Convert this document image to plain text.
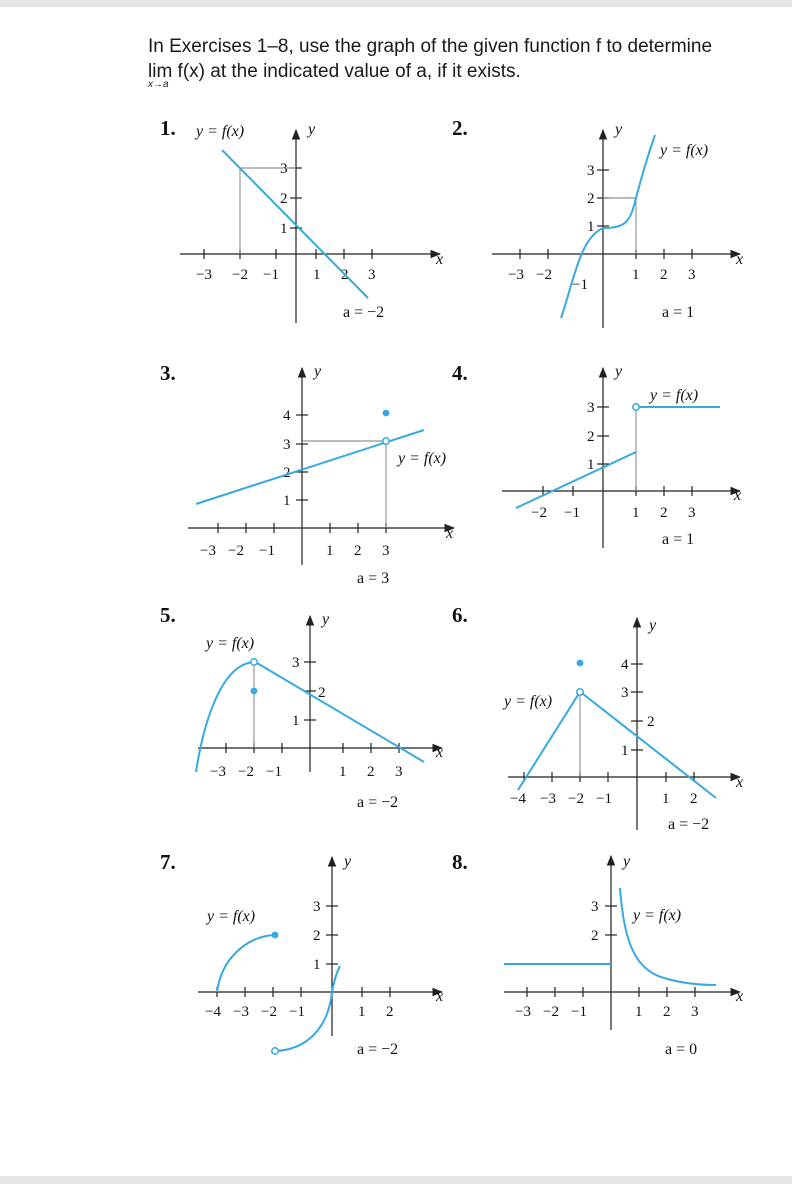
In Exercises 1–8, use the graph of the given function f to determine
lim
x→a
f(x) at the indicated value of a, if it exists.
1.
−3 −2 −1 1 2 3
1
2
3
y = f(x)	y
x
a = −2
2.
−3 −2	1 2 3
−1
1
2
3
y = f(x)
y
x
a = 1
3.
−3 −2 −1	1 2 3
1
2
3
4
y = f(x)
y
x
a = 3
4.
−2 −1	1 2 3
1
2
3
y = f(x)
y
x
a = 1
5.
−3 −2 −1	1 2 3
1
2
3
y = f(x)
y
x
a = −2
6.
−4 −3 −2 −1	1 2
1
2
3
4
y = f(x)
y
x
a = −2
7.
−4 −3 −2 −1	1 2
1
2
3
y = f(x)
y
x
a = −2
8.
−3 −2 −1	1 2 3
2
3 y = f(x)
y
x
a = 0
